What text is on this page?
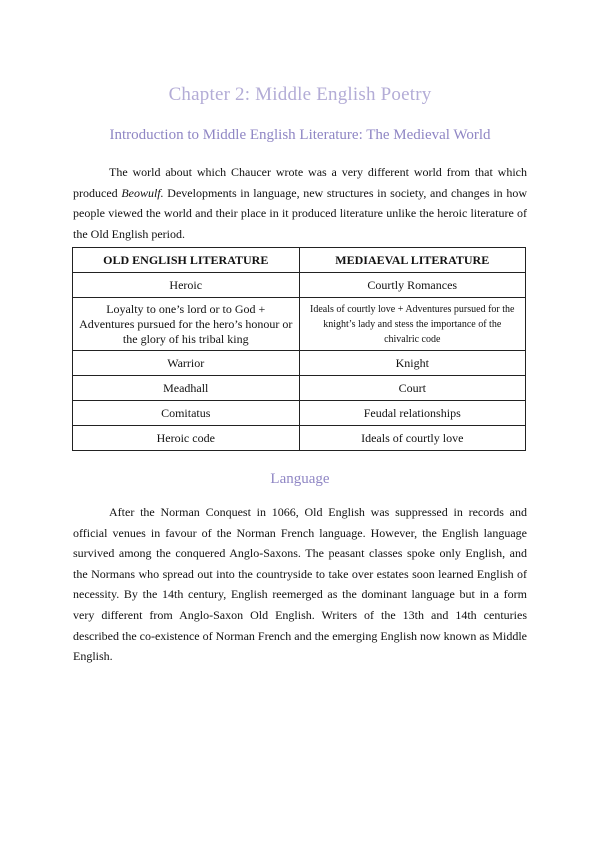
Chapter 2: Middle English Poetry
Introduction to Middle English Literature: The Medieval World

The world about which Chaucer wrote was a very different world from that which produced Beowulf. Developments in language, new structures in society, and changes in how people viewed the world and their place in it produced literature unlike the heroic literature of the Old English period.

OLD ENGLISH LITERATURE	MEDIAEVAL LITERATURE
Heroic	Courtly Romances
Loyalty to one’s lord or to God + Adventures pursued for the hero’s honour or the glory of his tribal king	Ideals of courtly love + Adventures pursued for the knight’s lady and stess the importance of the chivalric code
Warrior	Knight
Meadhall	Court
Comitatus	Feudal relationships
Heroic code	Ideals of courtly love
Language

After the Norman Conquest in 1066, Old English was suppressed in records and official venues in favour of the Norman French language. However, the English language survived among the conquered Anglo-Saxons. The peasant classes spoke only English, and the Normans who spread out into the countryside to take over estates soon learned English of necessity. By the 14th century, English reemerged as the dominant language but in a form very different from Anglo-Saxon Old English. Writers of the 13th and 14th centuries described the co-existence of Norman French and the emerging English now known as Middle English.
